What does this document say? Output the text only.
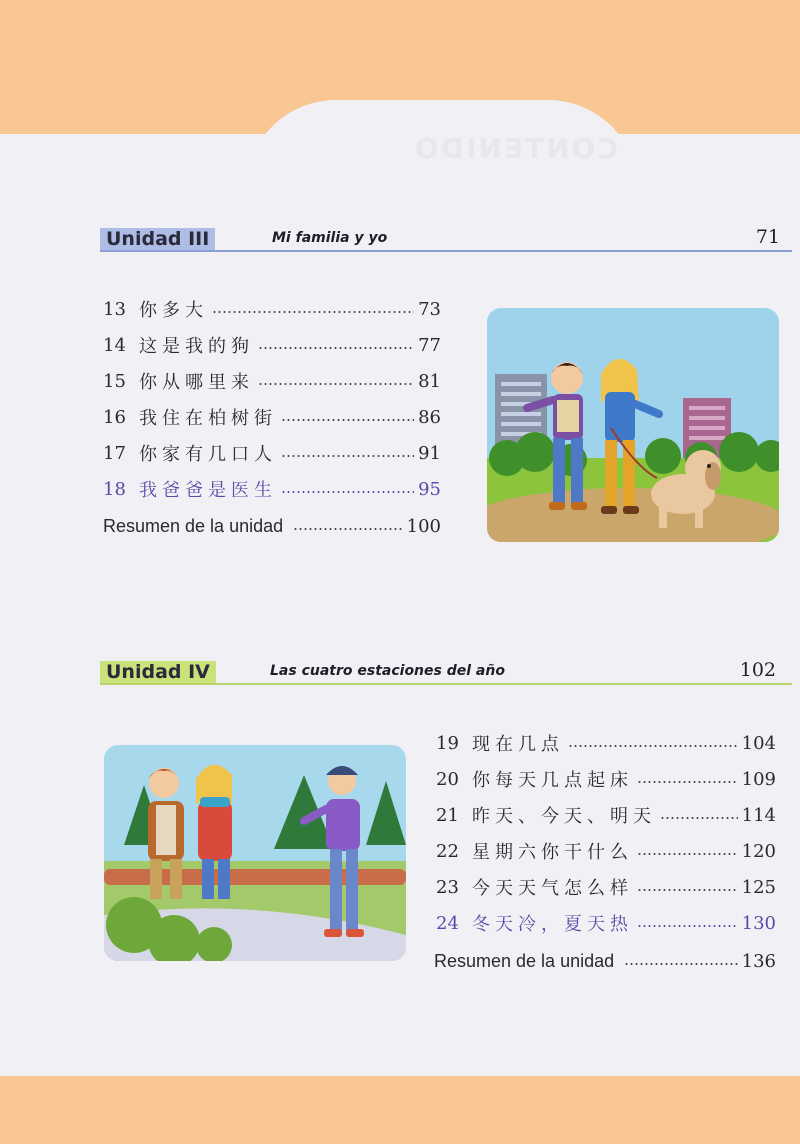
CONTENIDO
Unidad III	Mi familia y yo	71
13 你多大	73
14 这是我的狗	77
15 你从哪里来	81
16 我住在柏树街	86
17 你家有几口人	91
18 我爸爸是医生	95
Resumen de la unidad	100
Unidad IV	Las cuatro estaciones del año	102
19 现在几点	104
20 你每天几点起床	109
21 昨天、今天、明天	114
22 星期六你干什么	120
23 今天天气怎么样	125
24 冬天冷，夏天热	130
Resumen de la unidad	136
